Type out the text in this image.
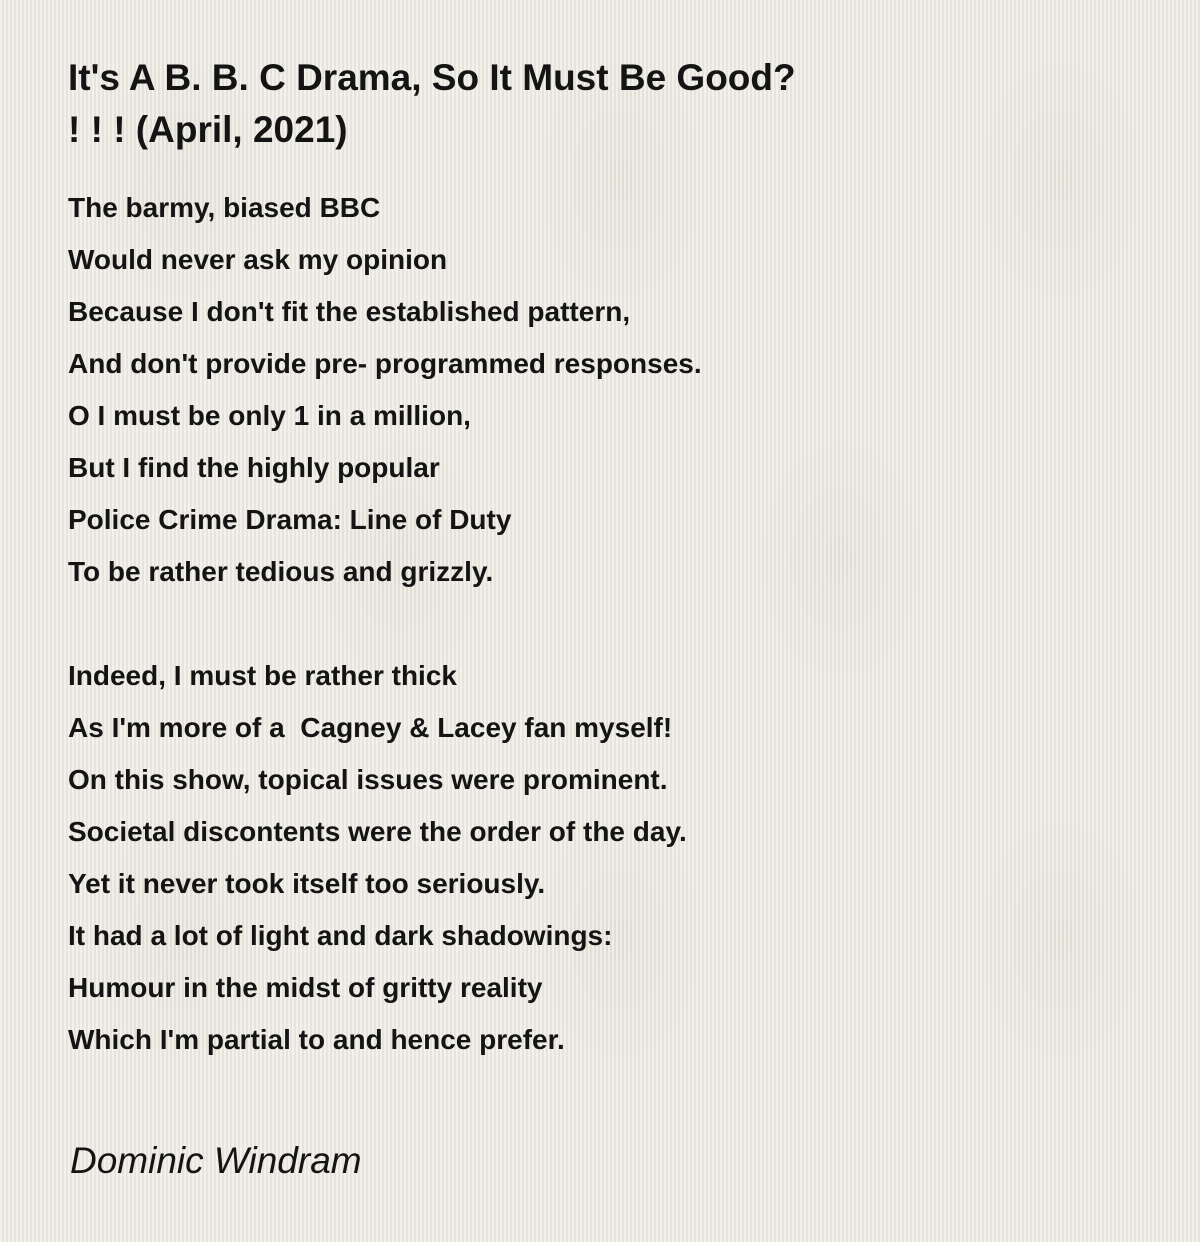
It's A B. B. C Drama, So It Must Be Good?
! ! ! (April, 2021)
The barmy, biased BBC
Would never ask my opinion
Because I don't fit the established pattern,
And don't provide pre- programmed responses.
O I must be only 1 in a million,
But I find the highly popular
Police Crime Drama: Line of Duty
To be rather tedious and grizzly.
Indeed, I must be rather thick
As I'm more of a  Cagney & Lacey fan myself!
On this show, topical issues were prominent.
Societal discontents were the order of the day.
Yet it never took itself too seriously.
It had a lot of light and dark shadowings:
Humour in the midst of gritty reality
Which I'm partial to and hence prefer.

Dominic Windram
